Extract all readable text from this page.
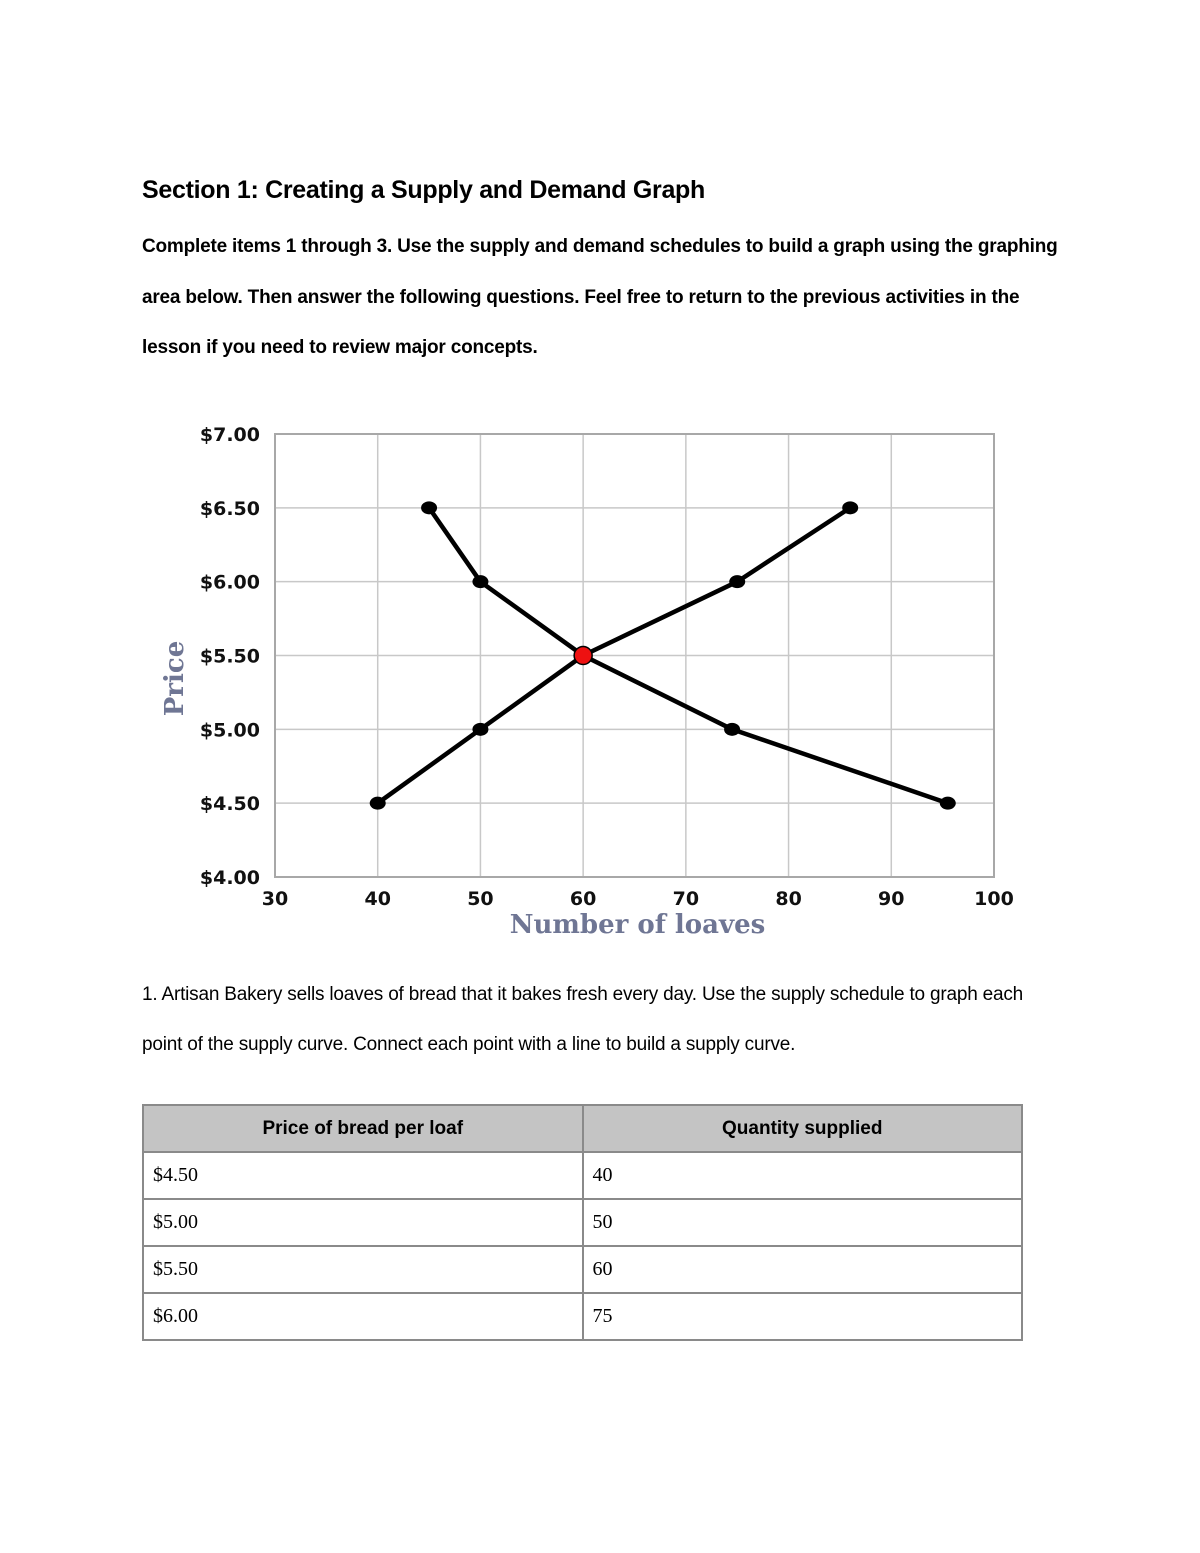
Section 1: Creating a Supply and Demand Graph

Complete items 1 through 3. Use the supply and demand schedules to build a graph using the graphing area below. Then answer the following questions. Feel free to return to the previous activities in the lesson if you need to review major concepts.

30	40	50	60	70	80	90	100
$4.00
$4.50
$5.00
$5.50
$6.00
$6.50
$7.00
Number of loaves
Price

1. Artisan Bakery sells loaves of bread that it bakes fresh every day. Use the supply schedule to graph each point of the supply curve. Connect each point with a line to build a supply curve.

Price of bread per loaf	Quantity supplied
$4.50	40
$5.00	50
$5.50	60
$6.00	75
